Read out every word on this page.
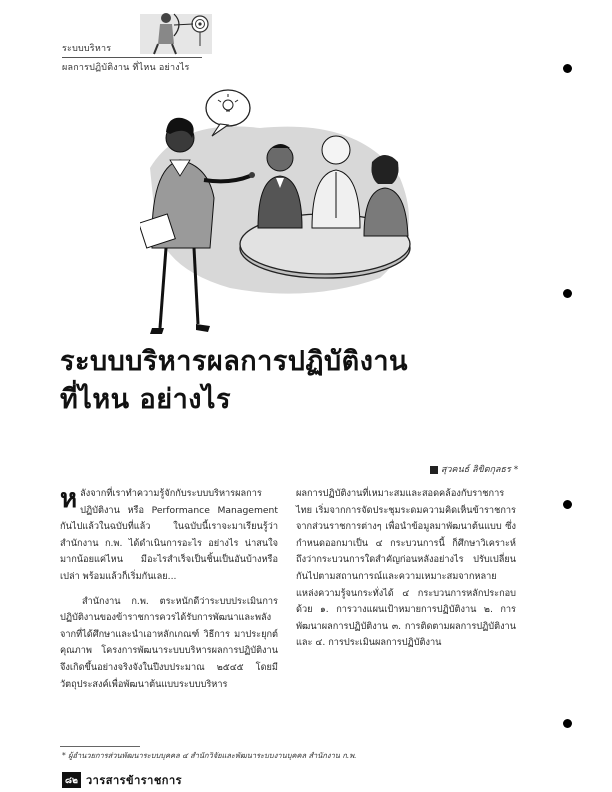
ระบบบริหาร
ผลการปฏิบัติงาน ที่ไหน อย่างไร
ระบบบริหารผลการปฏิบัติงาน
ที่ไหน อย่างไร
สุวคนธ์ ลิขิตกุลธร *

ห ลังจากที่เราทำความรู้จักกับระบบบริหารผลการปฏิบัติงาน หรือ Performance Management กันไปแล้วในฉบับที่แล้ว ในฉบับนี้เราจะมาเรียนรู้ว่าสำนักงาน ก.พ. ได้ดำเนินการอะไร อย่างไร น่าสนใจมากน้อยแค่ไหน มีอะไรสำเร็จเป็นชิ้นเป็นอันบ้างหรือเปล่า พร้อมแล้วก็เริ่มกันเลย...

สำนักงาน ก.พ. ตระหนักดีว่าระบบประเมินการปฏิบัติงานของข้าราชการควรได้รับการพัฒนาและพลังจากที่ได้ศึกษาและนำเอาหลักเกณฑ์ วิธีการ มาประยุกต์คุณภาพ โครงการพัฒนาระบบบริหารผลการปฏิบัติงานจึงเกิดขึ้นอย่างจริงจังในปีงบประมาณ ๒๕๔๕ โดยมีวัตถุประสงค์เพื่อพัฒนาต้นแบบระบบบริหาร

ผลการปฏิบัติงานที่เหมาะสมและสอดคล้องกับราชการไทย เริ่มจากการจัดประชุมระดมความคิดเห็นข้าราชการจากส่วนราชการต่างๆ เพื่อนำข้อมูลมาพัฒนาต้นแบบ ซึ่งกำหนดออกมาเป็น ๔ กระบวนการนี้ ก็ศึกษาวิเคราะห์ถึงว่ากระบวนการใดสำคัญก่อนหลังอย่างไร ปรับเปลี่ยนกันไปตามสถานการณ์และความเหมาะสมจากหลายแหล่งความรู้จนกระทั่งได้ ๔ กระบวนการหลักประกอบด้วย ๑. การวางแผนเป้าหมายการปฏิบัติงาน ๒. การพัฒนาผลการปฏิบัติงาน ๓. การติดตามผลการปฏิบัติงาน และ ๔. การประเมินผลการปฏิบัติงาน

* ผู้อำนวยการส่วนพัฒนาระบบบุคคล ๔ สำนักวิจัยและพัฒนาระบบงานบุคคล สำนักงาน ก.พ.
๘๒ วารสารข้าราชการ
